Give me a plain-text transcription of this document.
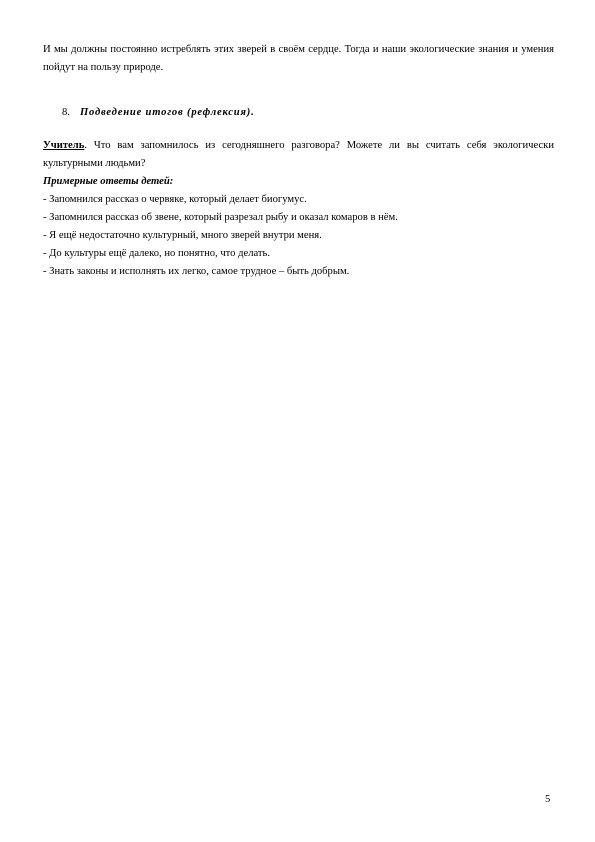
И мы должны постоянно истреблять этих зверей в своём сердце. Тогда и наши экологические знания и умения пойдут на пользу природе.

8. Подведение итогов (рефлексия).

Учитель. Что вам запомнилось из сегодняшнего разговора? Можете ли вы считать себя экологически культурными людьми?

Примерные ответы детей:
- Запомнился рассказ о червяке, который делает биогумус.
- Запомнился рассказ об звене, который разрезал рыбу и оказал комаров в нём.
- Я ещё недостаточно культурный, много зверей внутри меня.
- До культуры ещё далеко, но понятно, что делать.
- Знать законы и исполнять их легко, самое трудное – быть добрым.
5
